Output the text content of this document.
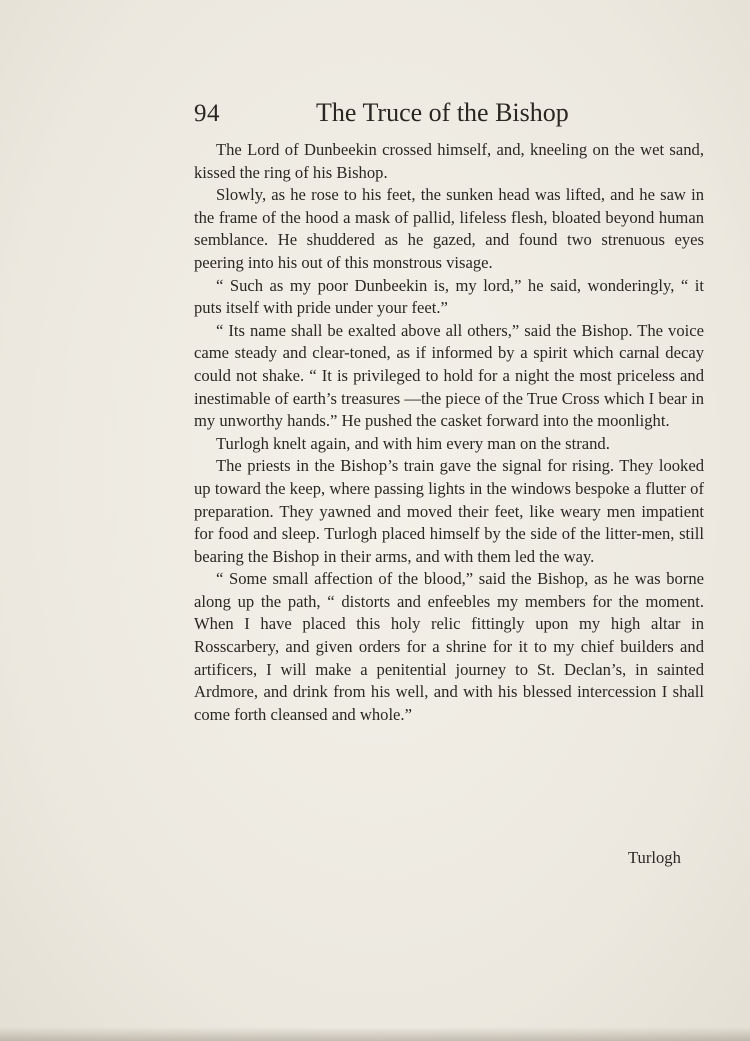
94	The Truce of the Bishop

The Lord of Dunbeekin crossed himself, and, kneeling on the wet sand, kissed the ring of his Bishop.

Slowly, as he rose to his feet, the sunken head was lifted, and he saw in the frame of the hood a mask of pallid, lifeless flesh, bloated beyond human semblance. He shuddered as he gazed, and found two strenuous eyes peering into his out of this monstrous visage.

“ Such as my poor Dunbeekin is, my lord,” he said, wonderingly, “ it puts itself with pride under your feet.”

“ Its name shall be exalted above all others,” said the Bishop. The voice came steady and clear-toned, as if informed by a spirit which carnal decay could not shake. “ It is privileged to hold for a night the most priceless and inestimable of earth’s treasures —the piece of the True Cross which I bear in my unworthy hands.” He pushed the casket forward into the moonlight.

Turlogh knelt again, and with him every man on the strand.

The priests in the Bishop’s train gave the signal for rising. They looked up toward the keep, where passing lights in the windows bespoke a flutter of preparation. They yawned and moved their feet, like weary men impatient for food and sleep. Turlogh placed himself by the side of the litter-men, still bearing the Bishop in their arms, and with them led the way.

“ Some small affection of the blood,” said the Bishop, as he was borne along up the path, “ distorts and enfeebles my members for the moment. When I have placed this holy relic fittingly upon my high altar in Rosscarbery, and given orders for a shrine for it to my chief builders and artificers, I will make a penitential journey to St. Declan’s, in sainted Ardmore, and drink from his well, and with his blessed intercession I shall come forth cleansed and whole.”

Turlogh
